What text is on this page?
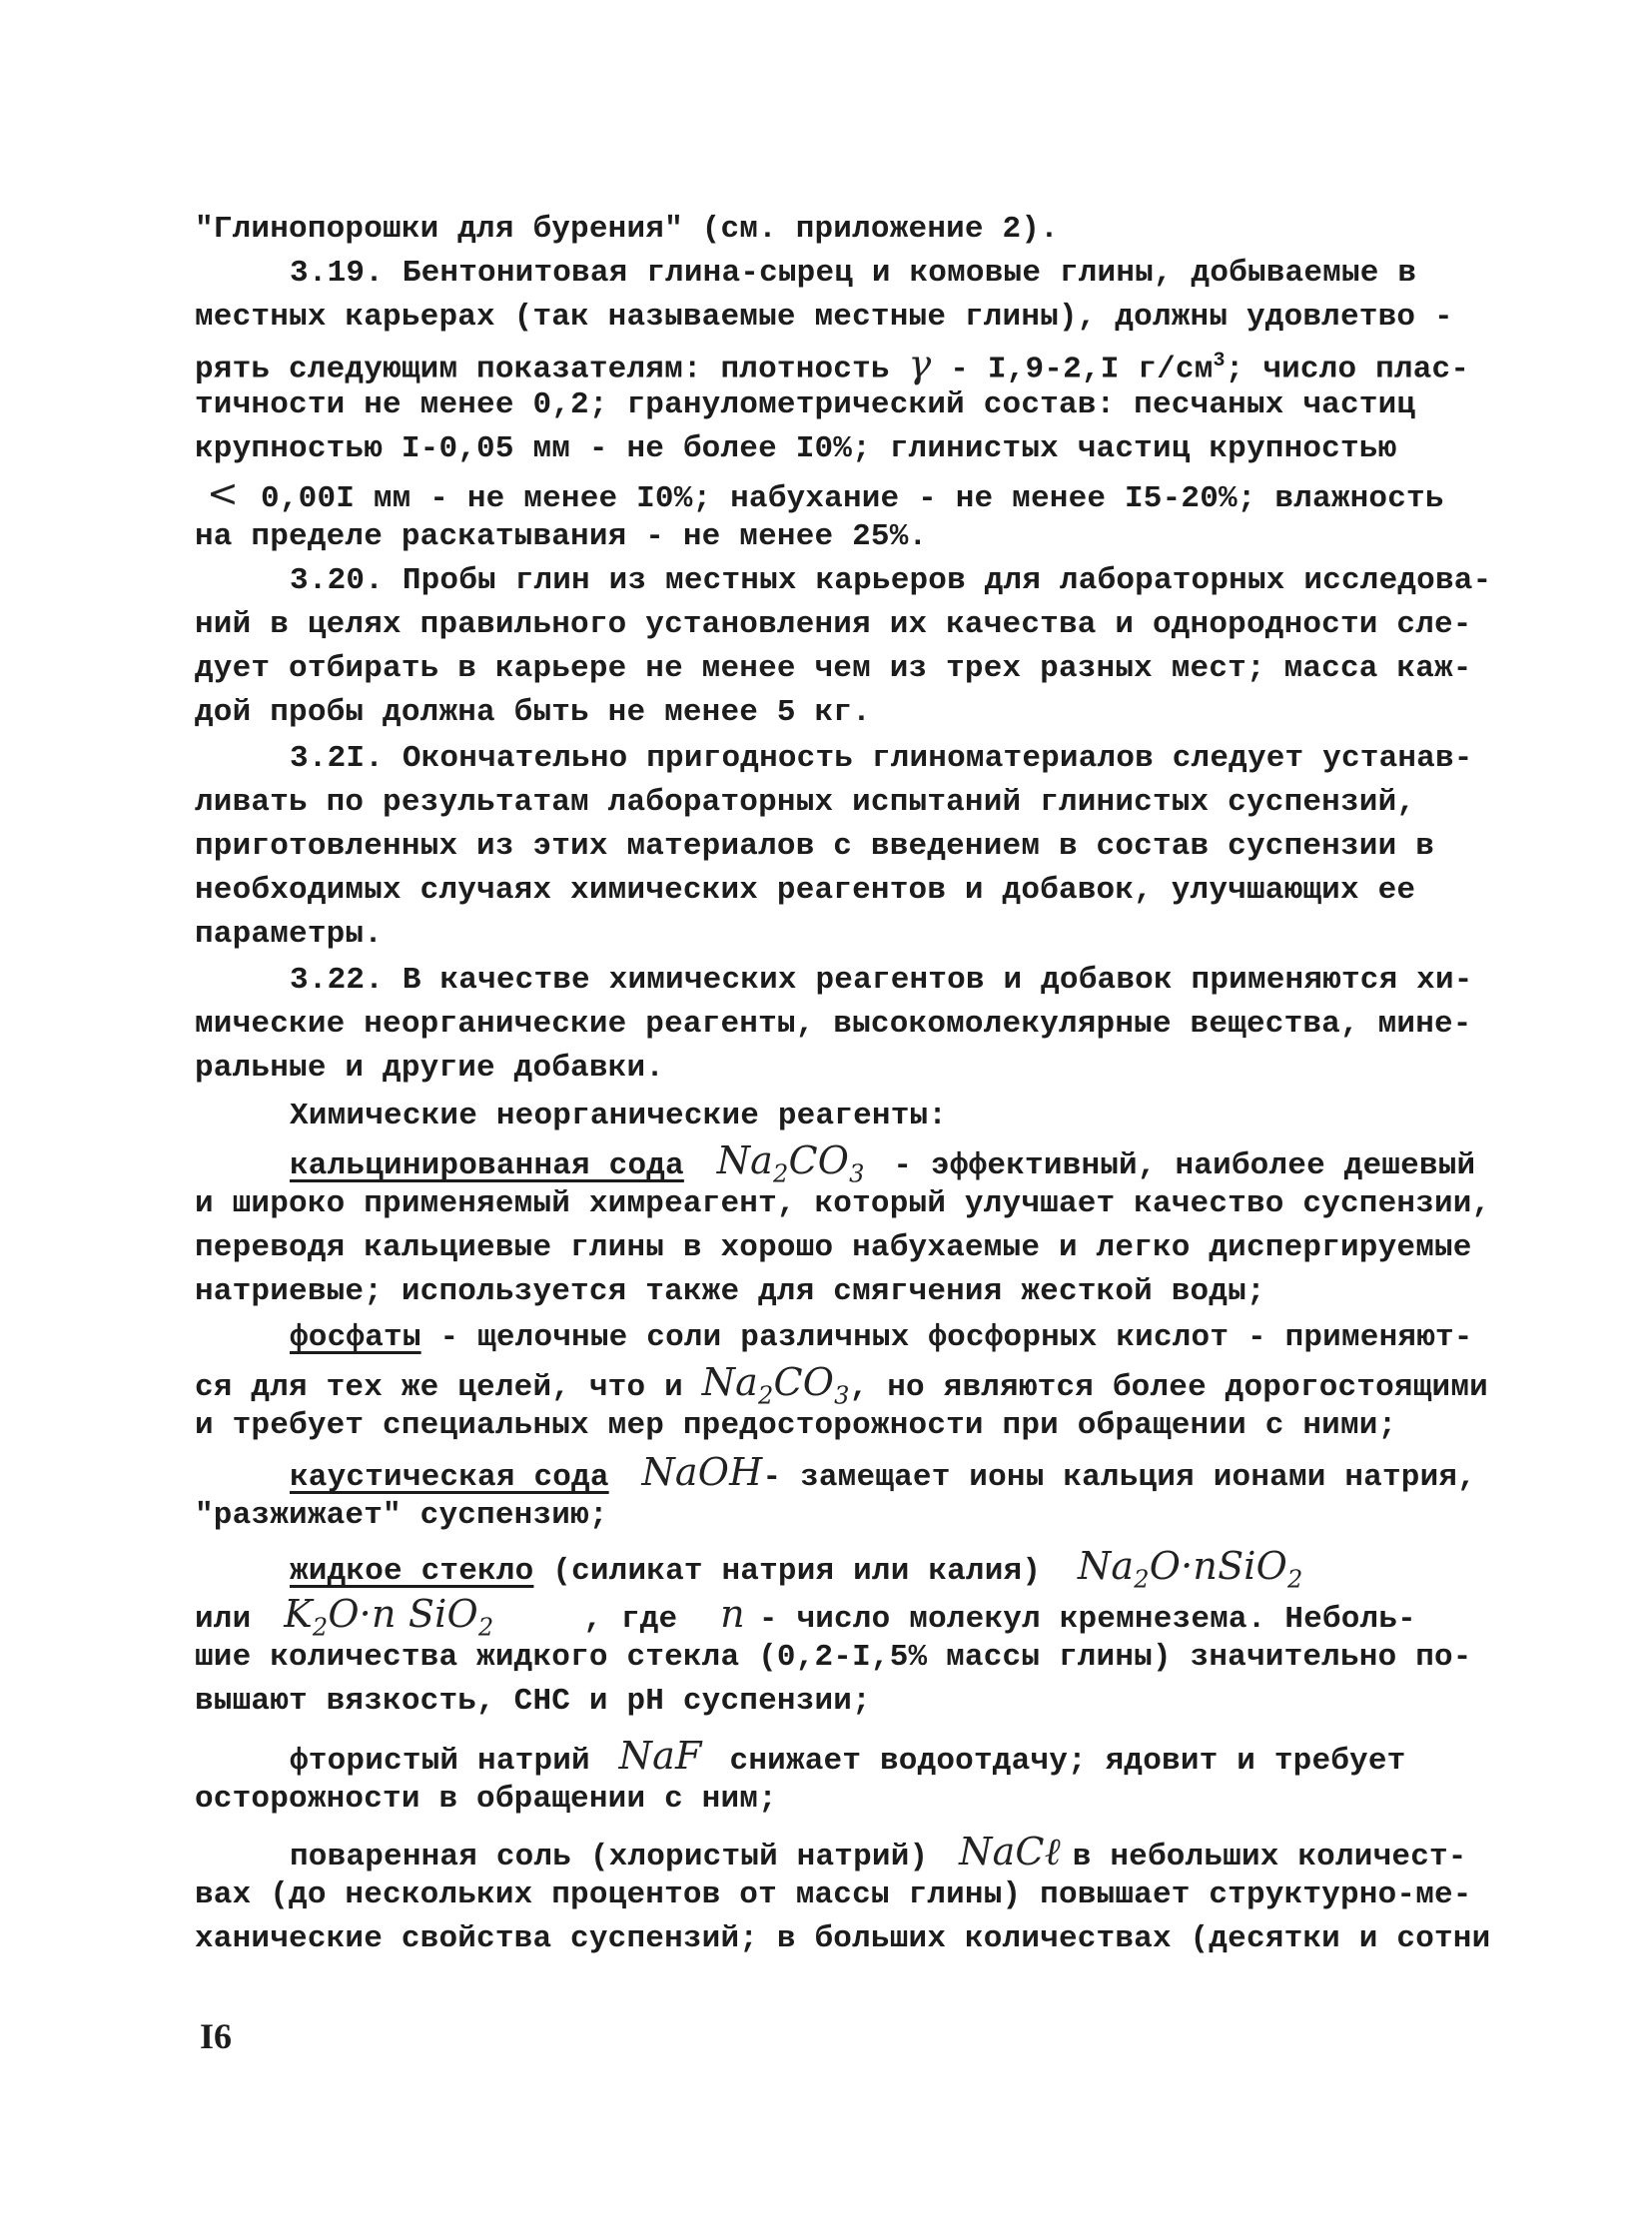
"Глинопорошки для бурения" (см. приложение 2).
3.19. Бентонитовая глина-сырец и комовые глины, добываемые в
местных карьерах (так называемые местные глины), должны удовлетво -
рять следующим показателям: плотность γ - I,9-2,I $г/см^3$; число плас-
тичности не менее 0,2; гранулометрический состав: песчаных частиц
крупностью I-0,05 мм - не более I0%; глинистых частиц крупностью
< 0,00I мм - не менее I0%; набухание - не менее I5-20%; влажность
на пределе раскатывания - не менее 25%.
3.20. Пробы глин из местных карьеров для лабораторных исследова-
ний в целях правильного установления их качества и однородности сле-
дует отбирать в карьере не менее чем из трех разных мест; масса каж-
дой пробы должна быть не менее 5 кг.
3.2I. Окончательно пригодность глиноматериалов следует устанав-
ливать по результатам лабораторных испытаний глинистых суспензий,
приготовленных из этих материалов с введением в состав суспензии в
необходимых случаях химических реагентов и добавок, улучшающих ее
параметры.
3.22. В качестве химических реагентов и добавок применяются хи-
мические неорганические реагенты, высокомолекулярные вещества, мине-
ральные и другие добавки.
Химические неорганические реагенты:
кальцинированная сода $Na_2CO_3$ - эффективный, наиболее дешевый
и широко применяемый химреагент, который улучшает качество суспензии,
переводя кальциевые глины в хорошо набухаемые и легко диспергируемые
натриевые; используется также для смягчения жесткой воды;
фосфаты - щелочные соли различных фосфорных кислот - применяют-
ся для тех же целей, что и $Na_2CO_3$, но являются более дорогостоящими
и требует специальных мер предосторожности при обращении с ними;
каустическая сода NaOH- замещает ионы кальция ионами натрия,
"разжижает" суспензию;
жидкое стекло (силикат натрия или калия) $Na_2O\cdot nSiO_2$
или $K_2O\cdot n$ SiO$_2$	, где n - число молекул кремнезема. Неболь-
шие количества жидкого стекла (0,2-I,5% массы глины) значительно по-
вышают вязкость, СНС и рН суспензии;
фтористый натрий NaF снижает водоотдачу; ядовит и требует
осторожности в обращении с ним;
поваренная соль (хлористый натрий) NaCℓ в небольших количест-
вах (до нескольких процентов от массы глины) повышает структурно-ме-
ханические свойства суспензий; в больших количествах (десятки и сотни
I6
